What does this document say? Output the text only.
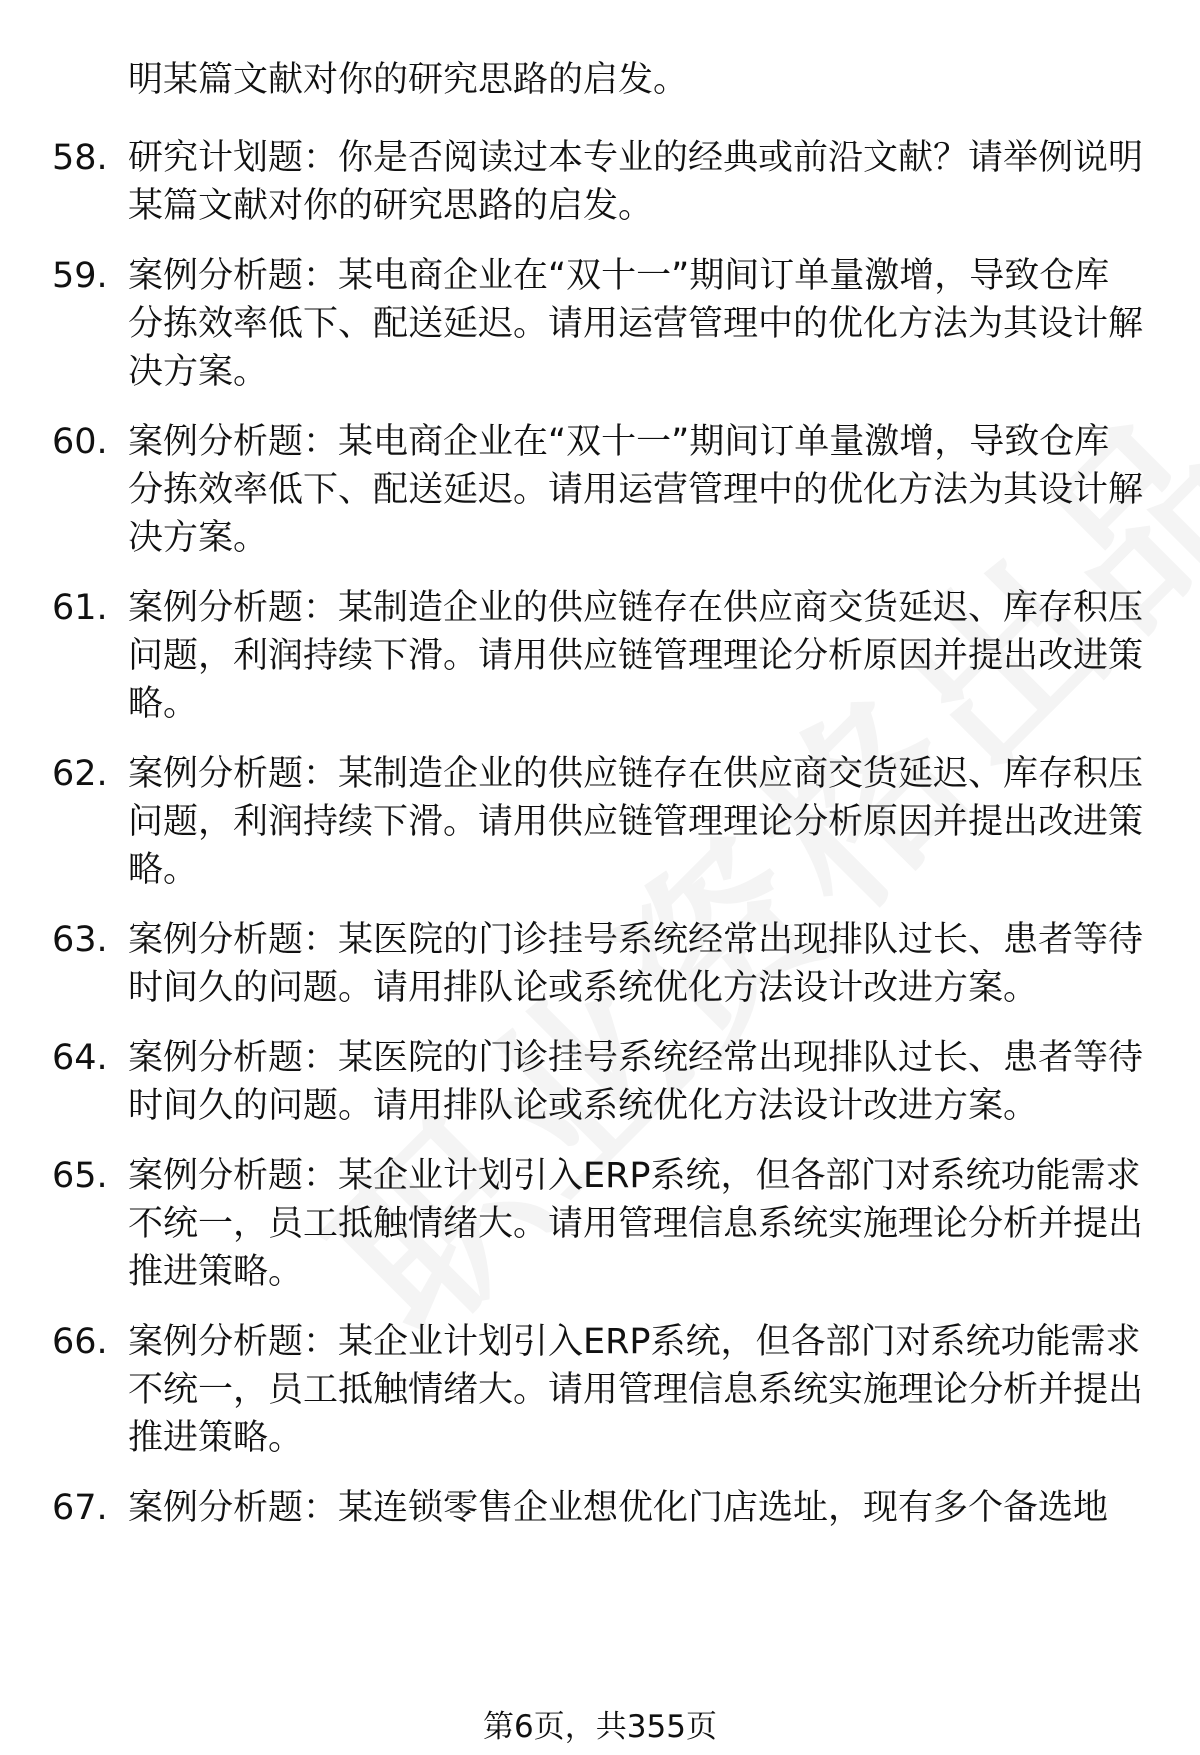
明某篇文献对你的研究思路的启发。
58. 研究计划题：你是否阅读过本专业的经典或前沿文献？请举例说明某篇文献对你的研究思路的启发。
59. 案例分析题：某电商企业在“双十一”期间订单量激增，导致仓库分拣效率低下、配送延迟。请用运营管理中的优化方法为其设计解决方案。
60. 案例分析题：某电商企业在“双十一”期间订单量激增，导致仓库分拣效率低下、配送延迟。请用运营管理中的优化方法为其设计解决方案。
61. 案例分析题：某制造企业的供应链存在供应商交货延迟、库存积压问题，利润持续下滑。请用供应链管理理论分析原因并提出改进策略。
62. 案例分析题：某制造企业的供应链存在供应商交货延迟、库存积压问题，利润持续下滑。请用供应链管理理论分析原因并提出改进策略。
63. 案例分析题：某医院的门诊挂号系统经常出现排队过长、患者等待时间久的问题。请用排队论或系统优化方法设计改进方案。
64. 案例分析题：某医院的门诊挂号系统经常出现排队过长、患者等待时间久的问题。请用排队论或系统优化方法设计改进方案。
65. 案例分析题：某企业计划引入ERP系统，但各部门对系统功能需求不统一，员工抵触情绪大。请用管理信息系统实施理论分析并提出推进策略。
66. 案例分析题：某企业计划引入ERP系统，但各部门对系统功能需求不统一，员工抵触情绪大。请用管理信息系统实施理论分析并提出推进策略。
67. 案例分析题：某连锁零售企业想优化门店选址，现有多个备选地
第6页，共355页
